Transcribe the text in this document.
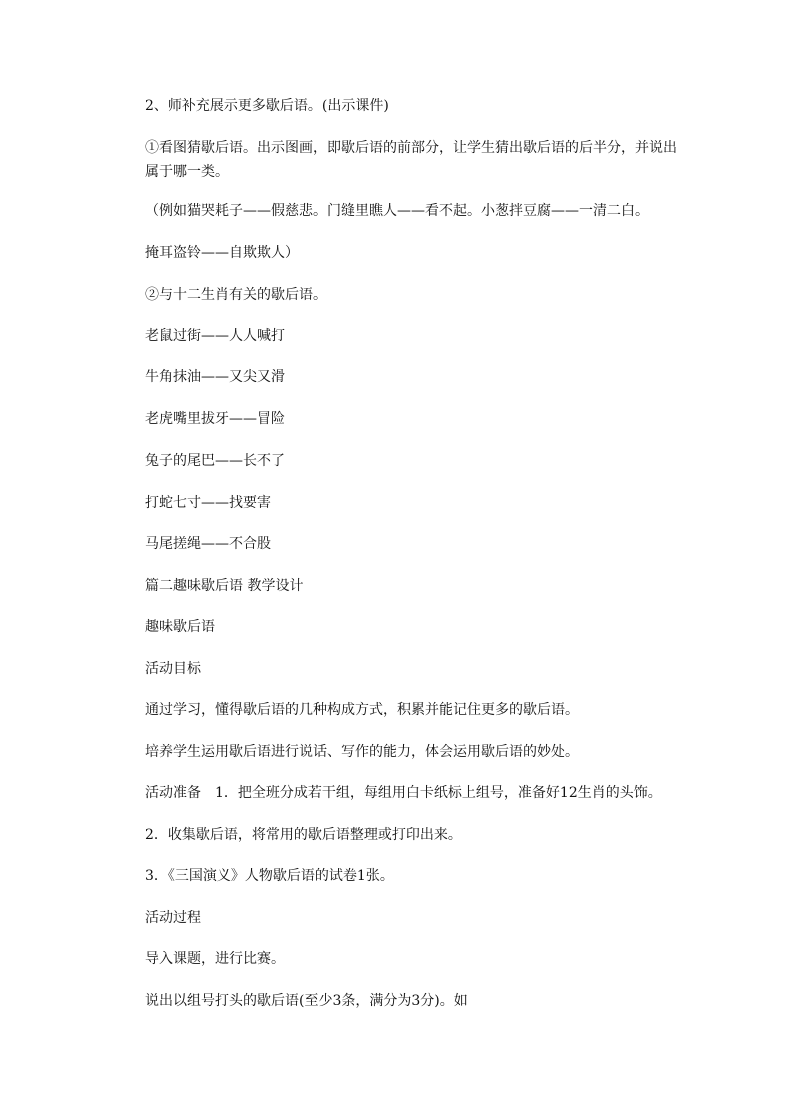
2、师补充展示更多歇后语。(出示课件)
①看图猜歇后语。出示图画，即歇后语的前部分，让学生猜出歇后语的后半分，并说出属于哪一类。
（例如猫哭耗子——假慈悲。门缝里瞧人——看不起。小葱拌豆腐——一清二白。
掩耳盗铃——自欺欺人）
②与十二生肖有关的歇后语。
老鼠过街——人人喊打
牛角抹油——又尖又滑
老虎嘴里拔牙——冒险
兔子的尾巴——长不了
打蛇七寸——找要害
马尾搓绳——不合股
篇二趣味歇后语 教学设计
趣味歇后语
活动目标
通过学习，懂得歇后语的几种构成方式，积累并能记住更多的歇后语。
培养学生运用歇后语进行说话、写作的能力，体会运用歇后语的妙处。
活动准备　1．把全班分成若干组，每组用白卡纸标上组号，准备好12生肖的头饰。
2．收集歇后语，将常用的歇后语整理或打印出来。
3．《三国演义》人物歇后语的试卷1张。
活动过程
导入课题，进行比赛。
说出以组号打头的歇后语(至少3条，满分为3分)。如
